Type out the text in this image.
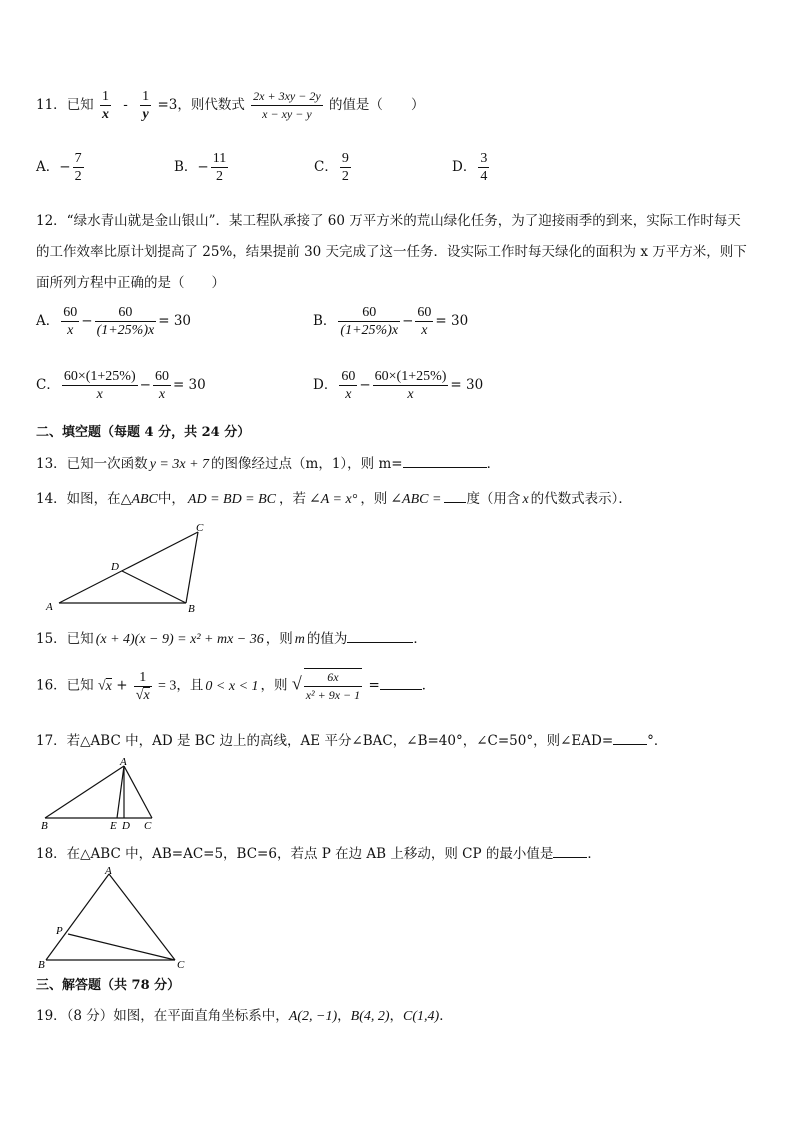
11．已知 $\frac{1}{x} - \frac{1}{y} =3$，则代数式 $\frac{2x + 3xy - 2y}{x - xy - y}$ 的值是（ ）
A．− $\frac{7}{2}$	B．− $\frac{11}{2}$	C． $\frac{9}{2}$	D． $\frac{3}{4}$
12．“绿水青山就是金山银山”．某工程队承接了 60 万平方米的荒山绿化任务，为了迎接雨季的到来，实际工作时每天
的工作效率比原计划提高了 25%，结果提前 30 天完成了这一任务．设实际工作时每天绿化的面积为 x 万平方米，则下
面所列方程中正确的是（　　）
A． $\frac{60}{x} - \frac{60}{(1+25\%)x} = 30$	B． $\frac{60}{(1+25\%)x} - \frac{60}{x} = 30$
C． $\frac{60\times(1+25\%)}{x} - \frac{60}{x} = 30$	D． $\frac{60}{x} - \frac{60\times(1+25\%)}{x} = 30$
二、填空题（每题 4 分，共 24 分）
13．已知一次函数 y = 3x + 7 的图像经过点（m，1），则 m=	．
14．如图，在△ABC中， AD = BD = BC ，若 ∠A = x° ，则 ∠ABC = 度（用含 x 的代数式表示）．
A	B
C
D
15．已知 (x + 4)(x − 9) = x² + mx − 36 ，则 m 的值为	．
16．已知 $√x + \frac{1}{√x} = 3$，且 0 < x < 1 ，则 √ $\frac{6x}{\text{x² + 9x − 1}}$ =	．
17．若△ABC 中，AD 是 BC 边上的高线，AE 平分∠BAC，∠B=40°，∠C=50°，则∠EAD=	°．
A
B	E D C
18．在△ABC 中，AB=AC=5，BC=6，若点 P 在边 AB 上移动，则 CP 的最小值是	．
A
B	C
P
三、解答题（共 78 分）
19．（8 分）如图，在平面直角坐标系中，A(2, −1)，B(4, 2)，C(1,4)．
